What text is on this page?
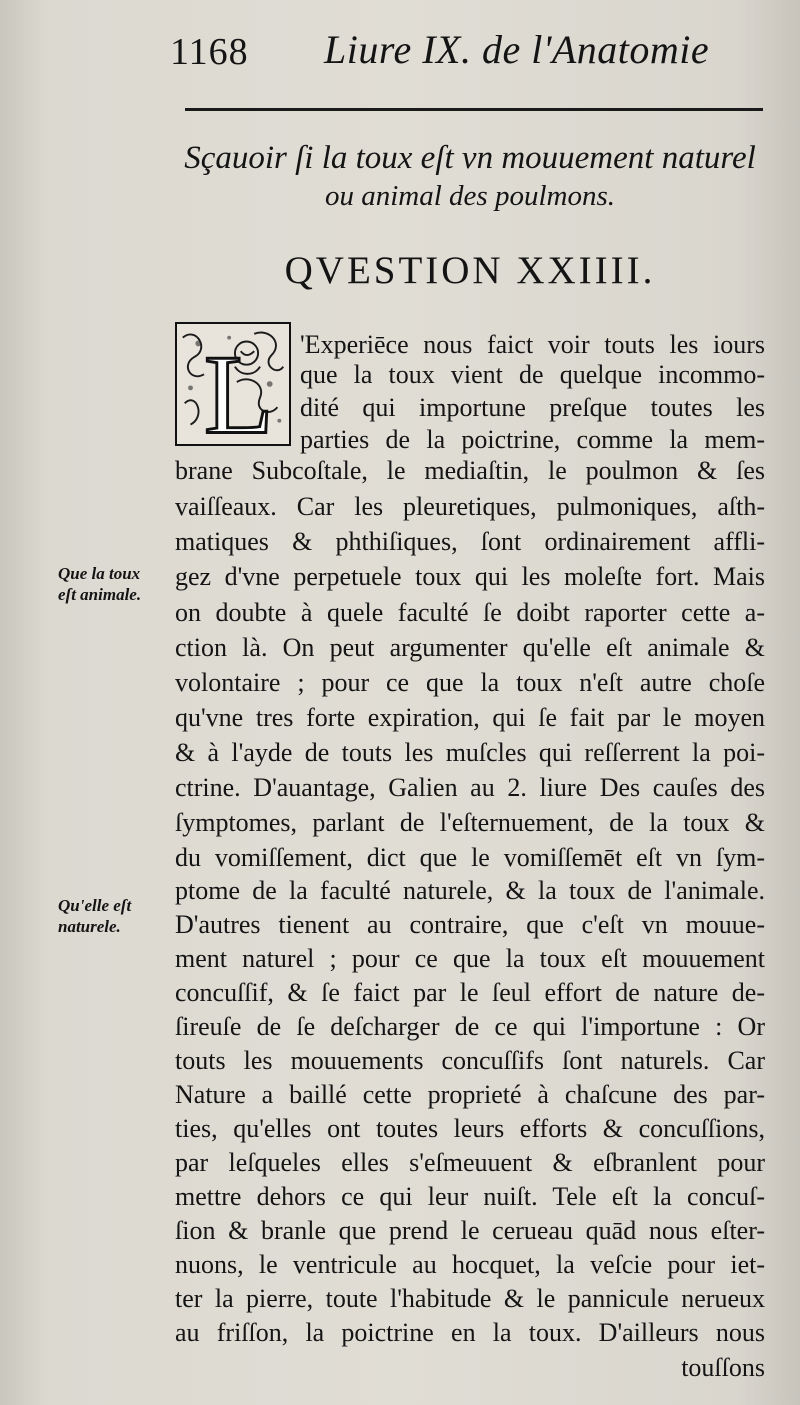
1168 Liure IX. de l'Anatomie
Sçauoir ſi la toux eſt vn mouuement naturel
ou animal des poulmons.
QVESTION XXIIII.
L 'Experiēce nous faict voir touts les iours
que la toux vient de quelque incommo-
dité qui importune preſque toutes les
parties de la poictrine, comme la mem-
brane Subcoſtale, le mediaſtin, le poulmon & ſes
vaiſſeaux. Car les pleuretiques, pulmoniques, aſth-
matiques & phthiſiques, ſont ordinairement affli-
gez d'vne perpetuele toux qui les moleſte fort. Mais
on doubte à quele faculté ſe doibt raporter cette a-
ction là. On peut argumenter qu'elle eſt animale &
volontaire ; pour ce que la toux n'eſt autre choſe
qu'vne tres forte expiration, qui ſe fait par le moyen
& à l'ayde de touts les muſcles qui reſſerrent la poi-
ctrine. D'auantage, Galien au 2. liure Des cauſes des
ſymptomes, parlant de l'eſternuement, de la toux &
du vomiſſement, dict que le vomiſſemēt eſt vn ſym-
ptome de la faculté naturele, & la toux de l'animale.
D'autres tienent au contraire, que c'eſt vn mouue-
ment naturel ; pour ce que la toux eſt mouuement
concuſſif, & ſe faict par le ſeul effort de nature de-
ſireuſe de ſe deſcharger de ce qui l'importune : Or
touts les mouuements concuſſifs ſont naturels. Car
Nature a baillé cette proprieté à chaſcune des par-
ties, qu'elles ont toutes leurs efforts & concuſſions,
par leſqueles elles s'eſmeuuent & eſbranlent pour
mettre dehors ce qui leur nuiſt. Tele eſt la concuſ-
ſion & branle que prend le cerueau quād nous eſter-
nuons, le ventricule au hocquet, la veſcie pour iet-
ter la pierre, toute l'habitude & le pannicule nerueux
au friſſon, la poictrine en la toux. D'ailleurs nous
touſſons
Que la toux
eſt animale.
Qu'elle eſt
naturele.
